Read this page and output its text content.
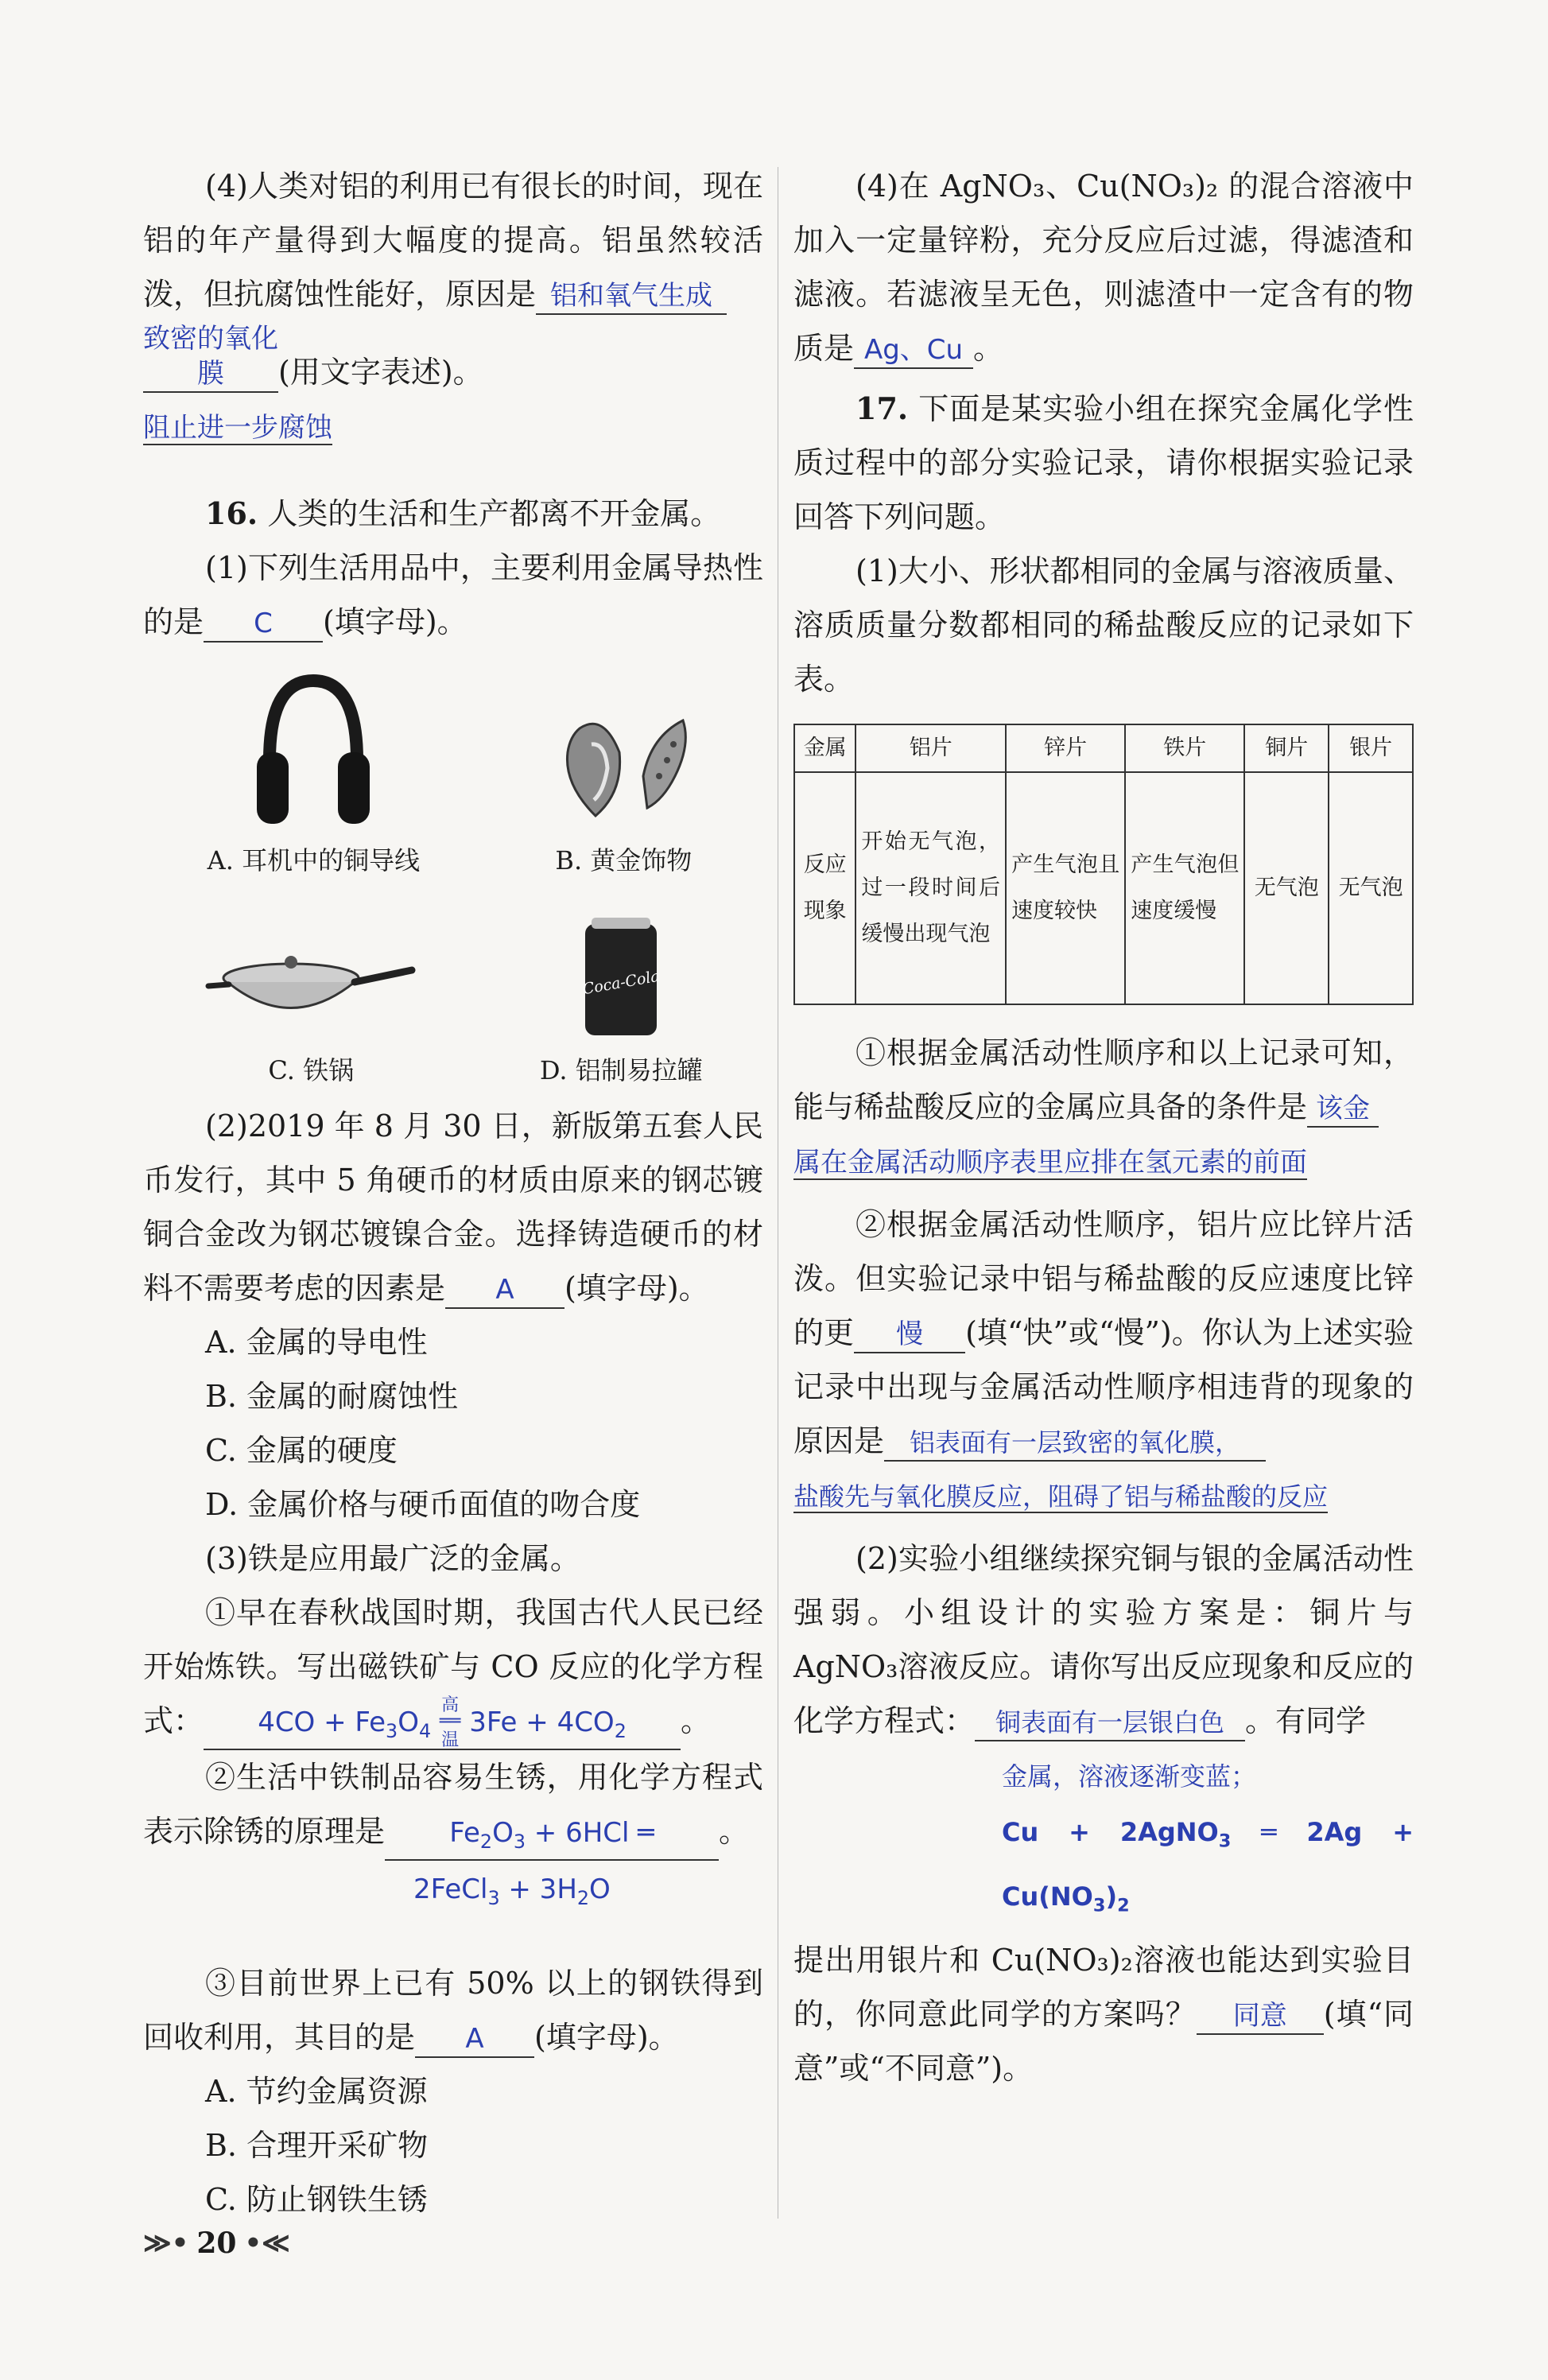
(4)人类对铝的利用已有很长的时间，现在铝的年产量得到大幅度的提高。铝虽然较活泼，但抗腐蚀性能好，原因是 铝和氧气生成

致密的氧化膜 (用文字表述)。

阻止进一步腐蚀

16. 人类的生活和生产都离不开金属。

(1)下列生活用品中，主要利用金属导热性的是 C (填字母)。

A. 耳机中的铜导线	B. 黄金饰物
C. 铁锅
Coca-Cola
D. 铝制易拉罐

(2)2019 年 8 月 30 日，新版第五套人民币发行，其中 5 角硬币的材质由原来的钢芯镀铜合金改为钢芯镀镍合金。选择铸造硬币的材料不需要考虑的因素是 A (填字母)。

A. 金属的导电性

B. 金属的耐腐蚀性

C. 金属的硬度

D. 金属价格与硬币面值的吻合度

(3)铁是应用最广泛的金属。

①早在春秋战国时期，我国古代人民已经开始炼铁。写出磁铁矿与 CO 反应的化学方程式： $4CO + Fe_3O_4$
高温
══ $3Fe + 4CO_2$ 。

②生活中铁制品容易生锈，用化学方程式表示除锈的原理是 $Fe_2O_3 + 6HCl$ ═ 。

2FeCl$_3$ + $3H_2O$

③目前世界上已有 50% 以上的钢铁得到回收利用，其目的是 A (填字母)。

A. 节约金属资源

B. 合理开采矿物

C. 防止钢铁生锈

(4)在 AgNO₃、Cu(NO₃)₂ 的混合溶液中加入一定量锌粉，充分反应后过滤，得滤渣和滤液。若滤液呈无色，则滤渣中一定含有的物质是 Ag、Cu 。

17. 下面是某实验小组在探究金属化学性质过程中的部分实验记录，请你根据实验记录回答下列问题。

(1)大小、形状都相同的金属与溶液质量、溶质质量分数都相同的稀盐酸反应的记录如下表。

金属	铝片	锌片	铁片	铜片	银片
反应现象	开始无气泡，过一段时间后缓慢出现气泡	产生气泡且速度较快	产生气泡但速度缓慢	无气泡	无气泡

①根据金属活动性顺序和以上记录可知，能与稀盐酸反应的金属应具备的条件是 该金

属在金属活动顺序表里应排在氢元素的前面

②根据金属活动性顺序，铝片应比锌片活泼。但实验记录中铝与稀盐酸的反应速度比锌的更 慢 (填“快”或“慢”)。你认为上述实验记录中出现与金属活动性顺序相违背的现象的原因是 铝表面有一层致密的氧化膜，

盐酸先与氧化膜反应，阻碍了铝与稀盐酸的反应

(2)实验小组继续探究铜与银的金属活动性强弱。小组设计的实验方案是：铜片与 AgNO₃溶液反应。请你写出反应现象和反应的化学方程式： 铜表面有一层银白色 。有同学

金属，溶液逐渐变蓝；

Cu + 2AgNO$_3$ ═ $2Ag + Cu(NO_3)_2$

提出用银片和 Cu(NO₃)₂溶液也能达到实验目的，你同意此同学的方案吗？ 同意 (填“同意”或“不同意”)。

≫• 20 •≪
